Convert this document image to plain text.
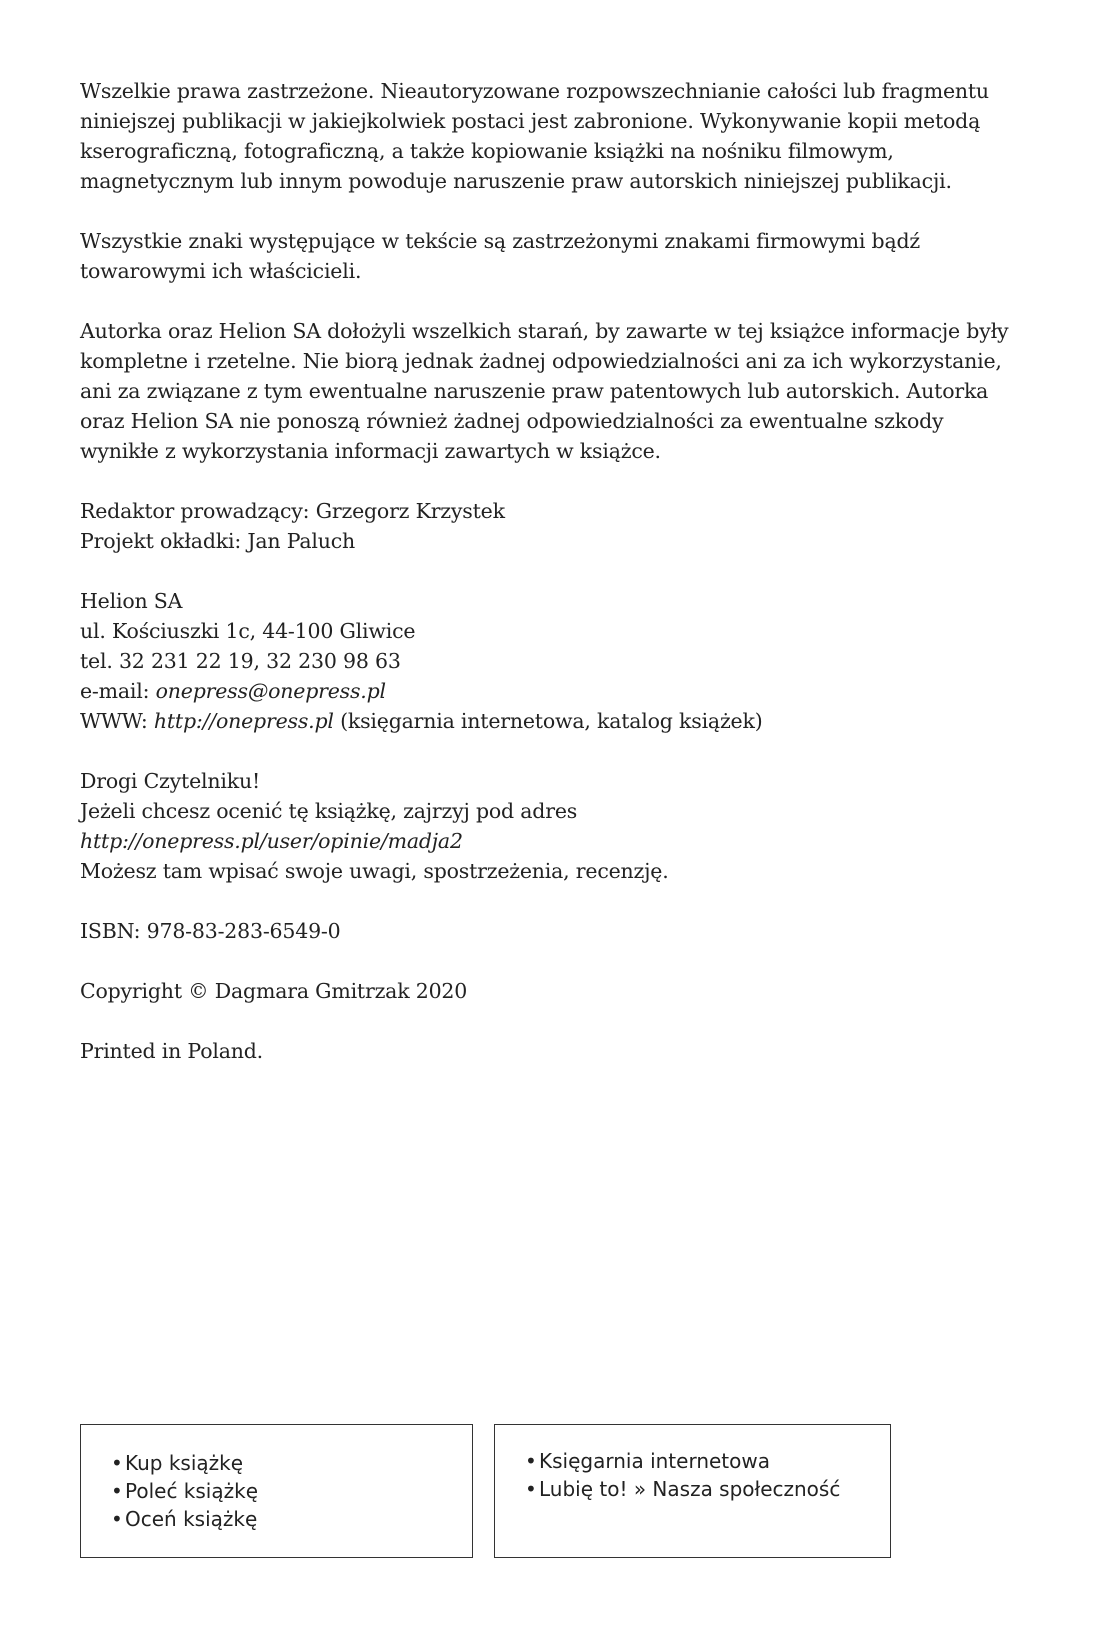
Wszelkie prawa zastrzeżone. Nieautoryzowane rozpowszechnianie całości lub fragmentu
niniejszej publikacji w jakiejkolwiek postaci jest zabronione. Wykonywanie kopii metodą
kserograficzną, fotograficzną, a także kopiowanie książki na nośniku filmowym,
magnetycznym lub innym powoduje naruszenie praw autorskich niniejszej publikacji.
Wszystkie znaki występujące w tekście są zastrzeżonymi znakami firmowymi bądź
towarowymi ich właścicieli.
Autorka oraz Helion SA dołożyli wszelkich starań, by zawarte w tej książce informacje były
kompletne i rzetelne. Nie biorą jednak żadnej odpowiedzialności ani za ich wykorzystanie,
ani za związane z tym ewentualne naruszenie praw patentowych lub autorskich. Autorka
oraz Helion SA nie ponoszą również żadnej odpowiedzialności za ewentualne szkody
wynikłe z wykorzystania informacji zawartych w książce.
Redaktor prowadzący: Grzegorz Krzystek
Projekt okładki: Jan Paluch
Helion SA
ul. Kościuszki 1c, 44-100 Gliwice
tel. 32 231 22 19, 32 230 98 63
e-mail: onepress@onepress.pl
WWW: http://onepress.pl (księgarnia internetowa, katalog książek)
Drogi Czytelniku!
Jeżeli chcesz ocenić tę książkę, zajrzyj pod adres
http://onepress.pl/user/opinie/madja2
Możesz tam wpisać swoje uwagi, spostrzeżenia, recenzję.
ISBN: 978-83-283-6549-0
Copyright © Dagmara Gmitrzak 2020
Printed in Poland.
• Kup książkę
• Poleć książkę
• Oceń książkę
• Księgarnia internetowa
• Lubię to! » Nasza społeczność
